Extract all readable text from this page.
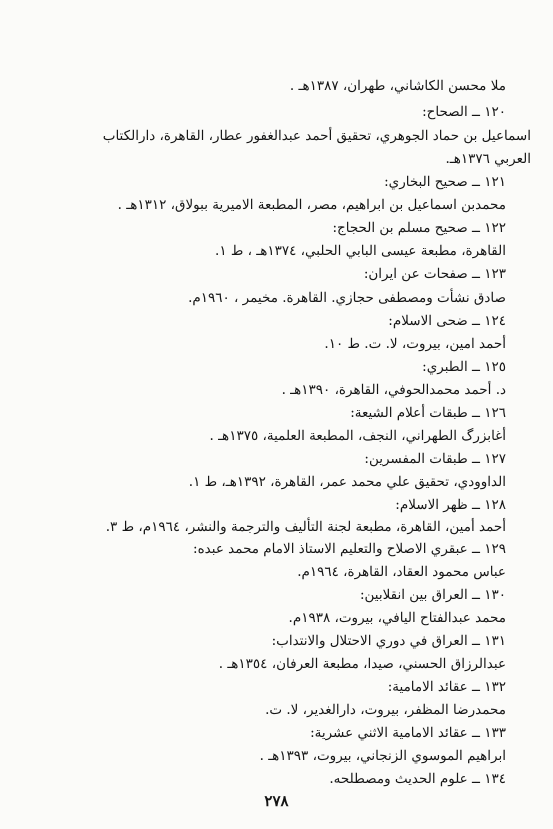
ملا محسن الكاشاني، طهران، ١٣٨٧هـ .
١٢٠ ــ الصحاح:
اسماعيل بن حماد الجوهري، تحقيق أحمد عبدالغفور عطار، القاهرة، دارالكتاب
العربي ١٣٧٦هـ.
١٢١ ــ صحيح البخاري:
محمدبن اسماعيل بن ابراهيم، مصر، المطبعة الاميرية ببولاق، ١٣١٢هـ .
١٢٢ ــ صحيح مسلم بن الحجاج:
القاهرة، مطبعة عيسى البابي الحلبي، ١٣٧٤هـ ، ط ١.
١٢٣ ــ صفحات عن ايران:
صادق نشأت ومصطفى حجازي. القاهرة. مخيمر ، ١٩٦٠م.
١٢٤ ــ ضحى الاسلام:
أحمد امين، بيروت، لا. ت. ط ١٠.
١٢٥ ــ الطبري:
د. أحمد محمدالحوفي، القاهرة، ١٣٩٠هـ .
١٢٦ ــ طبقات أعلام الشيعة:
أغابزرگ الطهراني، النجف، المطبعة العلمية، ١٣٧٥هـ .
١٢٧ ــ طبقات المفسرين:
الداوودي، تحقيق علي محمد عمر، القاهرة، ١٣٩٢هـ، ط ١.
١٢٨ ــ ظهر الاسلام:
أحمد أمين، القاهرة، مطبعة لجنة التأليف والترجمة والنشر، ١٩٦٤م، ط ٣.
١٢٩ ــ عبقري الاصلاح والتعليم الاستاذ الامام محمد عبده:
عباس محمود العقاد، القاهرة، ١٩٦٤م.
١٣٠ ــ العراق بين انقلابين:
محمد عبدالفتاح اليافي، بيروت، ١٩٣٨م.
١٣١ ــ العراق في دوري الاحتلال والانتداب:
عبدالرزاق الحسني، صيدا، مطبعة العرفان، ١٣٥٤هـ .
١٣٢ ــ عقائد الامامية:
محمدرضا المظفر، بيروت، دارالغدير، لا. ت.
١٣٣ ــ عقائد الامامية الاثني عشرية:
ابراهيم الموسوي الزنجاني، بيروت، ١٣٩٣هـ .
١٣٤ ــ علوم الحديث ومصطلحه.
٢٧٨
